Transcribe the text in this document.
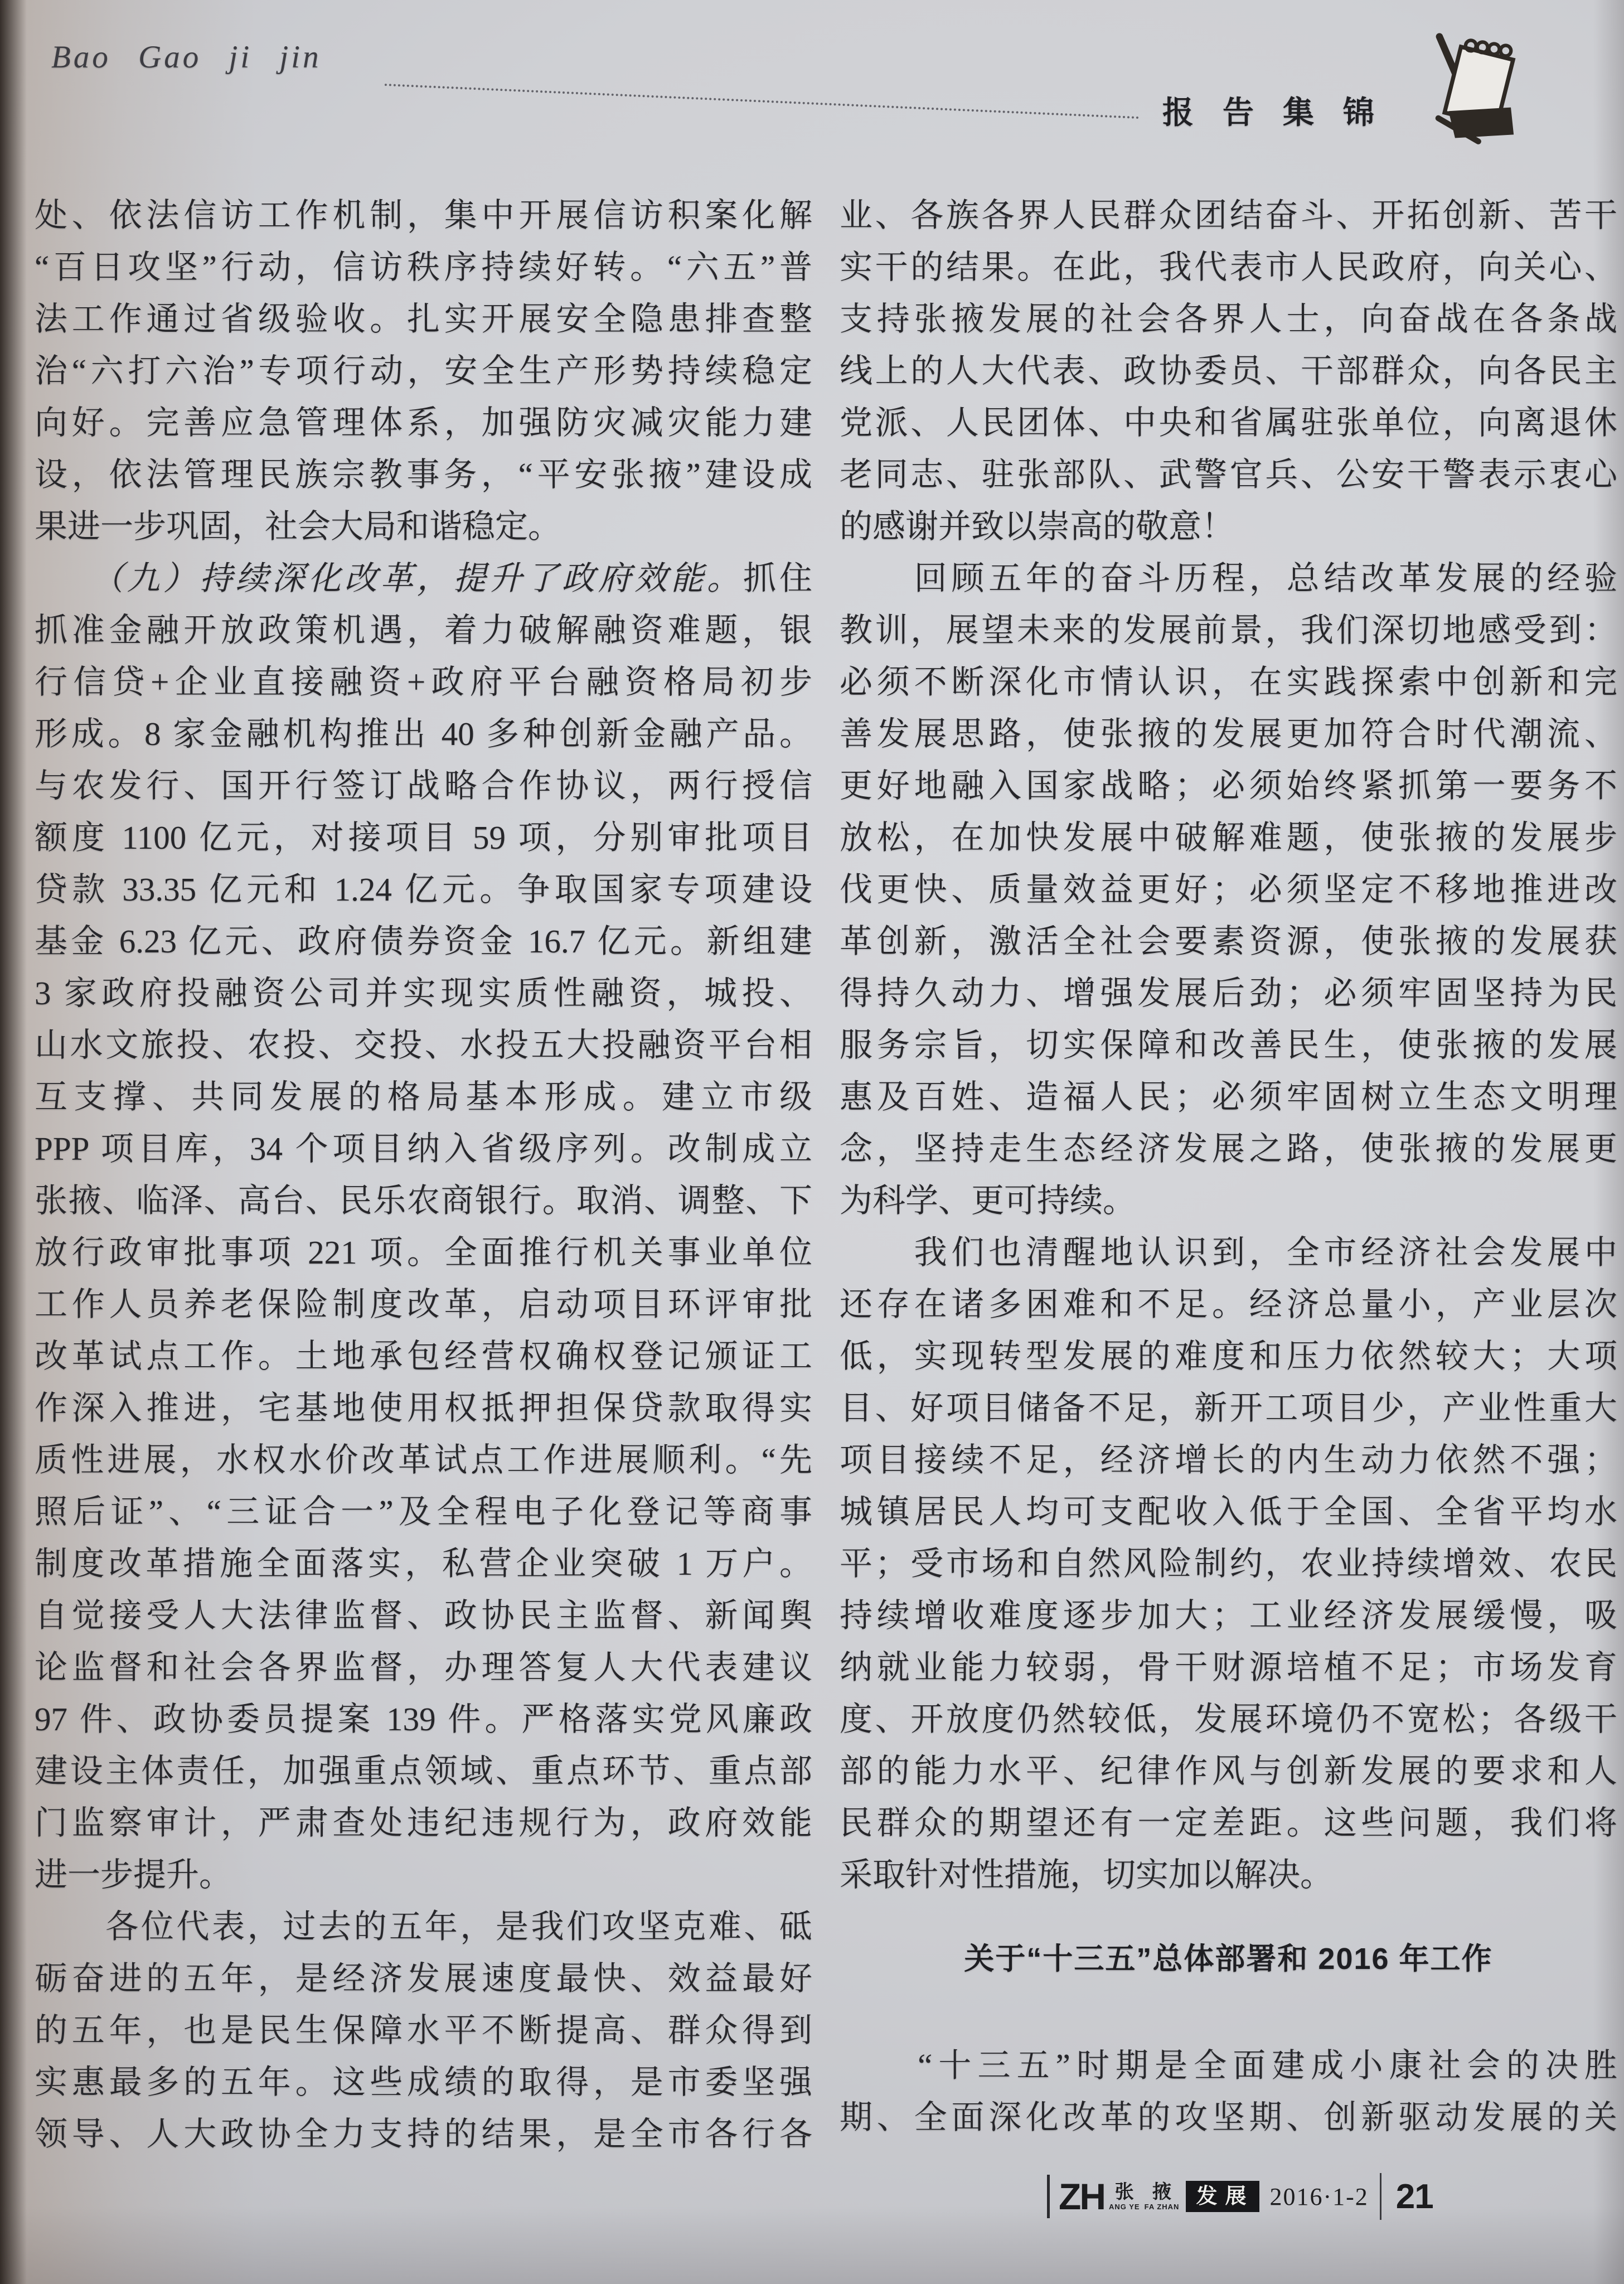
Bao Gao ji jin
报告集锦
处、依法信访工作机制，集中开展信访积案化解
“百日攻坚”行动，信访秩序持续好转。“六五”普
法工作通过省级验收。扎实开展安全隐患排查整
治“六打六治”专项行动，安全生产形势持续稳定
向好。完善应急管理体系，加强防灾减灾能力建
设，依法管理民族宗教事务，“平安张掖”建设成
果进一步巩固，社会大局和谐稳定。
　　（九）持续深化改革，提升了政府效能。抓住
抓准金融开放政策机遇，着力破解融资难题，银
行信贷+企业直接融资+政府平台融资格局初步
形成。8 家金融机构推出 40 多种创新金融产品。
与农发行、国开行签订战略合作协议，两行授信
额度 1100 亿元，对接项目 59 项，分别审批项目
贷款 33.35 亿元和 1.24 亿元。争取国家专项建设
基金 6.23 亿元、政府债券资金 16.7 亿元。新组建
3 家政府投融资公司并实现实质性融资，城投、
山水文旅投、农投、交投、水投五大投融资平台相
互支撑、共同发展的格局基本形成。建立市级
PPP 项目库，34 个项目纳入省级序列。改制成立
张掖、临泽、高台、民乐农商银行。取消、调整、下
放行政审批事项 221 项。全面推行机关事业单位
工作人员养老保险制度改革，启动项目环评审批
改革试点工作。土地承包经营权确权登记颁证工
作深入推进，宅基地使用权抵押担保贷款取得实
质性进展，水权水价改革试点工作进展顺利。“先
照后证”、“三证合一”及全程电子化登记等商事
制度改革措施全面落实，私营企业突破 1 万户。
自觉接受人大法律监督、政协民主监督、新闻舆
论监督和社会各界监督，办理答复人大代表建议
97 件、政协委员提案 139 件。严格落实党风廉政
建设主体责任，加强重点领域、重点环节、重点部
门监察审计，严肃查处违纪违规行为，政府效能
进一步提升。
　　各位代表，过去的五年，是我们攻坚克难、砥
砺奋进的五年，是经济发展速度最快、效益最好
的五年，也是民生保障水平不断提高、群众得到
实惠最多的五年。这些成绩的取得，是市委坚强
领导、人大政协全力支持的结果，是全市各行各
业、各族各界人民群众团结奋斗、开拓创新、苦干
实干的结果。在此，我代表市人民政府，向关心、
支持张掖发展的社会各界人士，向奋战在各条战
线上的人大代表、政协委员、干部群众，向各民主
党派、人民团体、中央和省属驻张单位，向离退休
老同志、驻张部队、武警官兵、公安干警表示衷心
的感谢并致以崇高的敬意！
　　回顾五年的奋斗历程，总结改革发展的经验
教训，展望未来的发展前景，我们深切地感受到：
必须不断深化市情认识，在实践探索中创新和完
善发展思路，使张掖的发展更加符合时代潮流、
更好地融入国家战略；必须始终紧抓第一要务不
放松，在加快发展中破解难题，使张掖的发展步
伐更快、质量效益更好；必须坚定不移地推进改
革创新，激活全社会要素资源，使张掖的发展获
得持久动力、增强发展后劲；必须牢固坚持为民
服务宗旨，切实保障和改善民生，使张掖的发展
惠及百姓、造福人民；必须牢固树立生态文明理
念，坚持走生态经济发展之路，使张掖的发展更
为科学、更可持续。
　　我们也清醒地认识到，全市经济社会发展中
还存在诸多困难和不足。经济总量小，产业层次
低，实现转型发展的难度和压力依然较大；大项
目、好项目储备不足，新开工项目少，产业性重大
项目接续不足，经济增长的内生动力依然不强；
城镇居民人均可支配收入低于全国、全省平均水
平；受市场和自然风险制约，农业持续增效、农民
持续增收难度逐步加大；工业经济发展缓慢，吸
纳就业能力较弱，骨干财源培植不足；市场发育
度、开放度仍然较低，发展环境仍不宽松；各级干
部的能力水平、纪律作风与创新发展的要求和人
民群众的期望还有一定差距。这些问题，我们将
采取针对性措施，切实加以解决。
关于“十三五”总体部署和 2016 年工作
　　“十三五”时期是全面建成小康社会的决胜
期、全面深化改革的攻坚期、创新驱动发展的关
ZH 张
ANG YE
掖
FA ZHAN 发展 2016·1-2 21
